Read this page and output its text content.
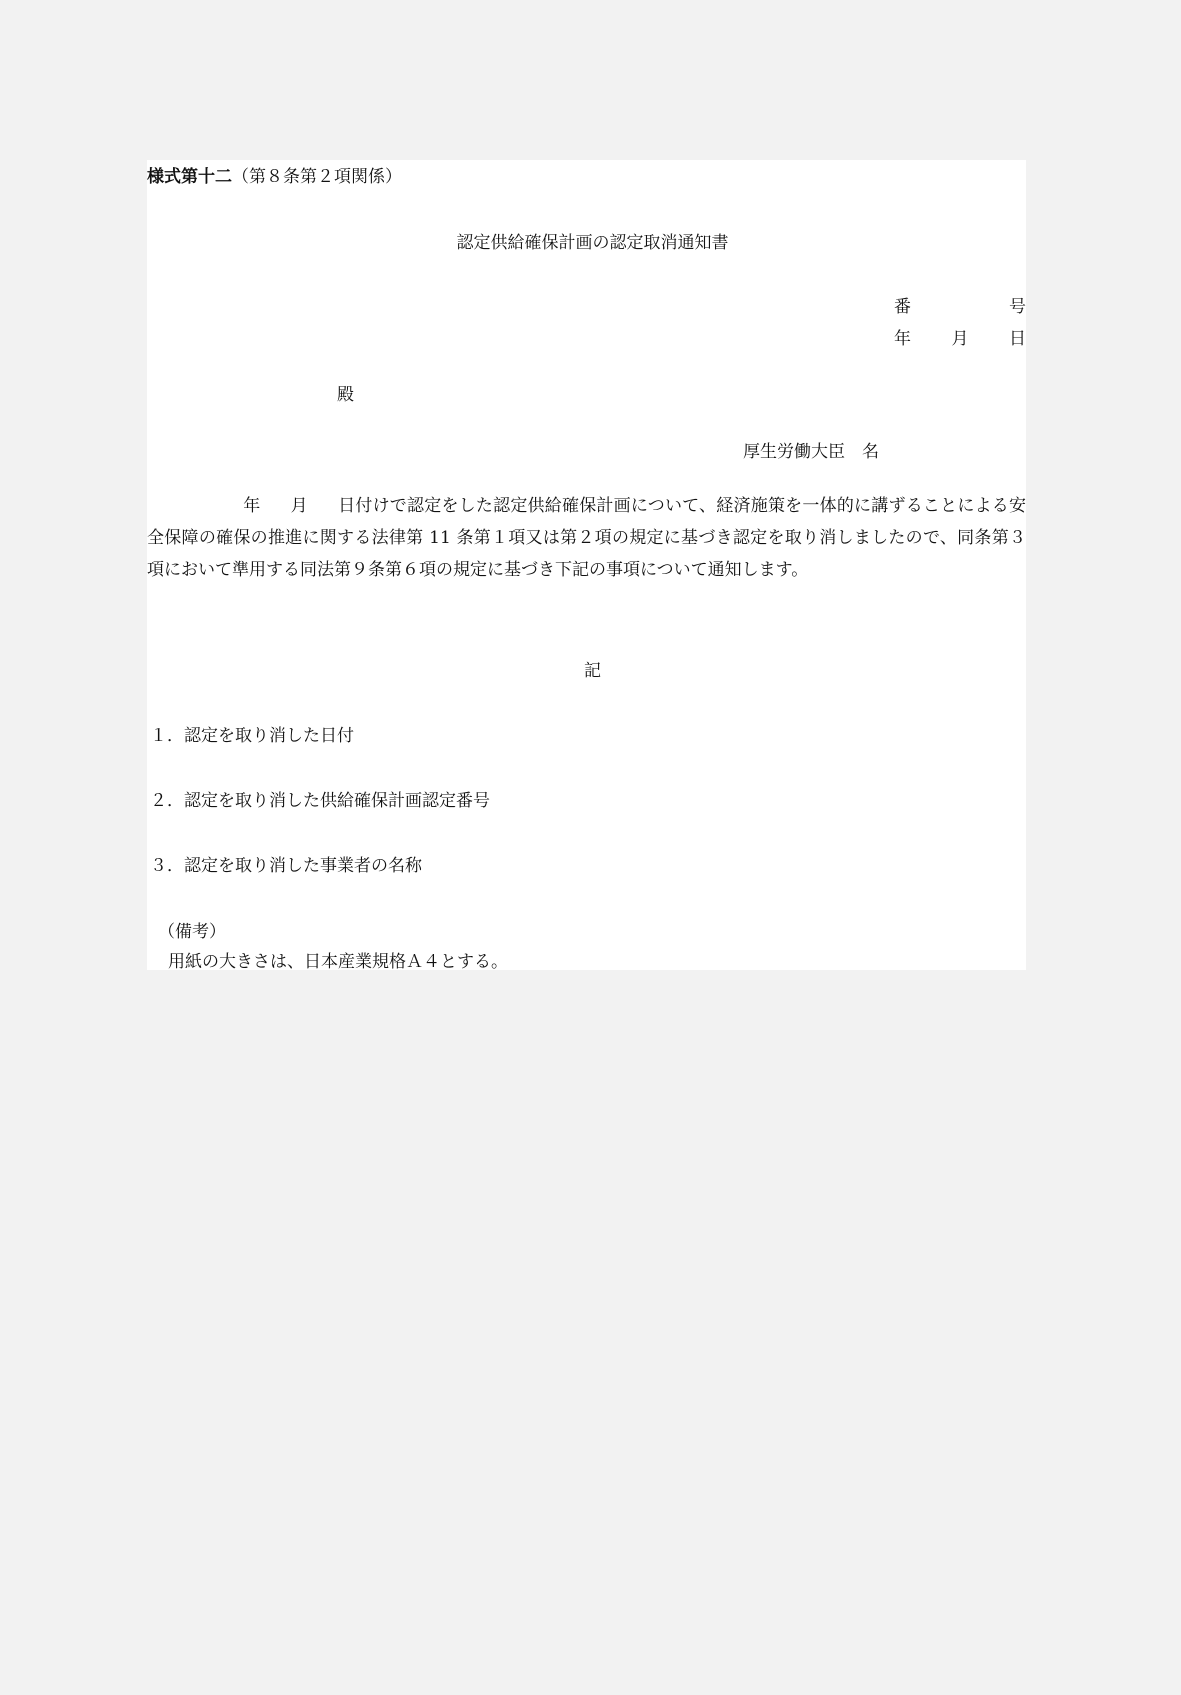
様式第十二（第８条第２項関係）
認定供給確保計画の認定取消通知書
番	号
年 月 日
殿
厚生労働大臣　名
年 月 日付けで認定をした認定供給確保計画について、経済施策を一体的に講ずることによる安全保障の確保の推進に関する法律第 11 条第１項又は第２項の規定に基づき認定を取り消しましたので、同条第３項において準用する同法第９条第６項の規定に基づき下記の事項について通知します。
記
１．認定を取り消した日付
２．認定を取り消した供給確保計画認定番号
３．認定を取り消した事業者の名称
（備考）
用紙の大きさは、日本産業規格Ａ４とする。
